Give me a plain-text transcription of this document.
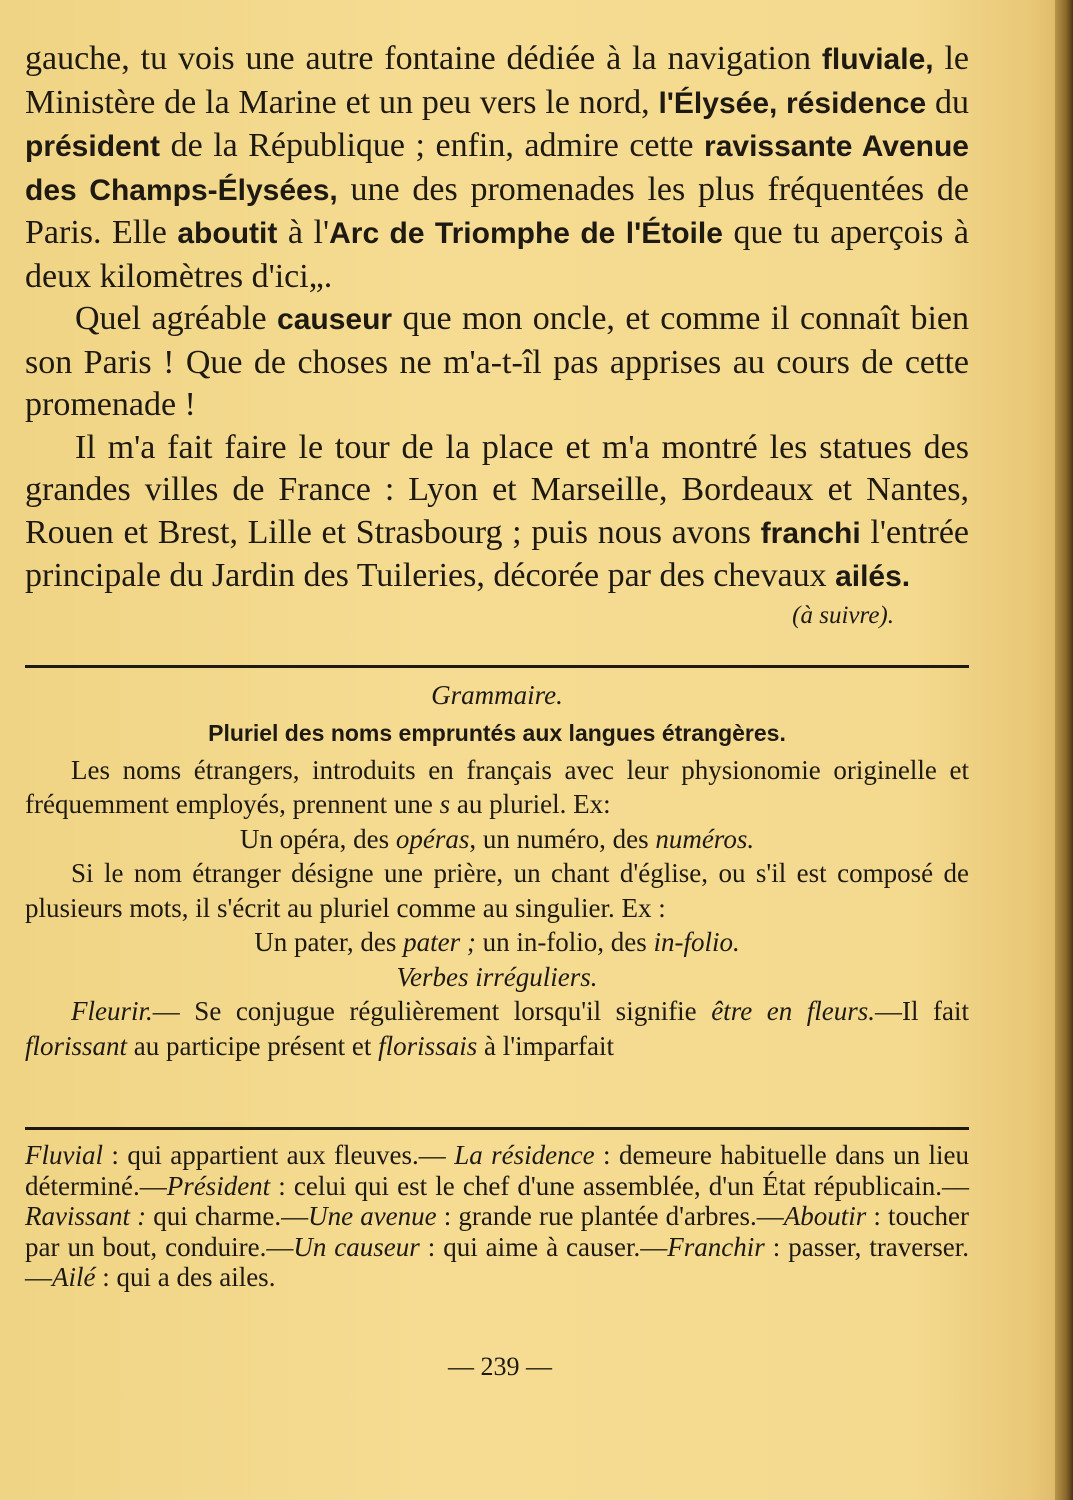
gauche, tu vois une autre fontaine dédiée à la navigation fluviale, le Ministère de la Marine et un peu vers le nord, l'Élysée, résidence du président de la République ; enfin, admire cette ravissante Avenue des Champs-Élysées, une des promenades les plus fréquentées de Paris. Elle aboutit à l'Arc de Triomphe de l'Étoile que tu aperçois à deux kilomètres d'ici„.

Quel agréable causeur que mon oncle, et comme il connaît bien son Paris ! Que de choses ne m'a-t-îl pas apprises au cours de cette promenade !

Il m'a fait faire le tour de la place et m'a montré les statues des grandes villes de France : Lyon et Marseille, Bordeaux et Nantes, Rouen et Brest, Lille et Strasbourg ; puis nous avons franchi l'entrée principale du Jardin des Tuileries, décorée par des chevaux ailés.

(à suivre).
Grammaire.
Pluriel des noms empruntés aux langues étrangères.

Les noms étrangers, introduits en français avec leur physionomie originelle et fréquemment employés, prennent une s au pluriel. Ex:

Un opéra, des opéras, un numéro, des numéros.

Si le nom étranger désigne une prière, un chant d'église, ou s'il est composé de plusieurs mots, il s'écrit au pluriel comme au singulier. Ex :

Un pater, des pater ; un in-folio, des in-folio.

Verbes irréguliers.

Fleurir.— Se conjugue régulièrement lorsqu'il signifie être en fleurs.—Il fait florissant au participe présent et florissais à l'imparfait

Fluvial : qui appartient aux fleuves.— La résidence : demeure habituelle dans un lieu déterminé.—Président : celui qui est le chef d'une assemblée, d'un État républicain.— Ravissant : qui charme.—Une avenue : grande rue plantée d'arbres.—Aboutir : toucher par un bout, conduire.—Un causeur : qui aime à causer.—Franchir : passer, traverser.—Ailé : qui a des ailes.
— 239 —
